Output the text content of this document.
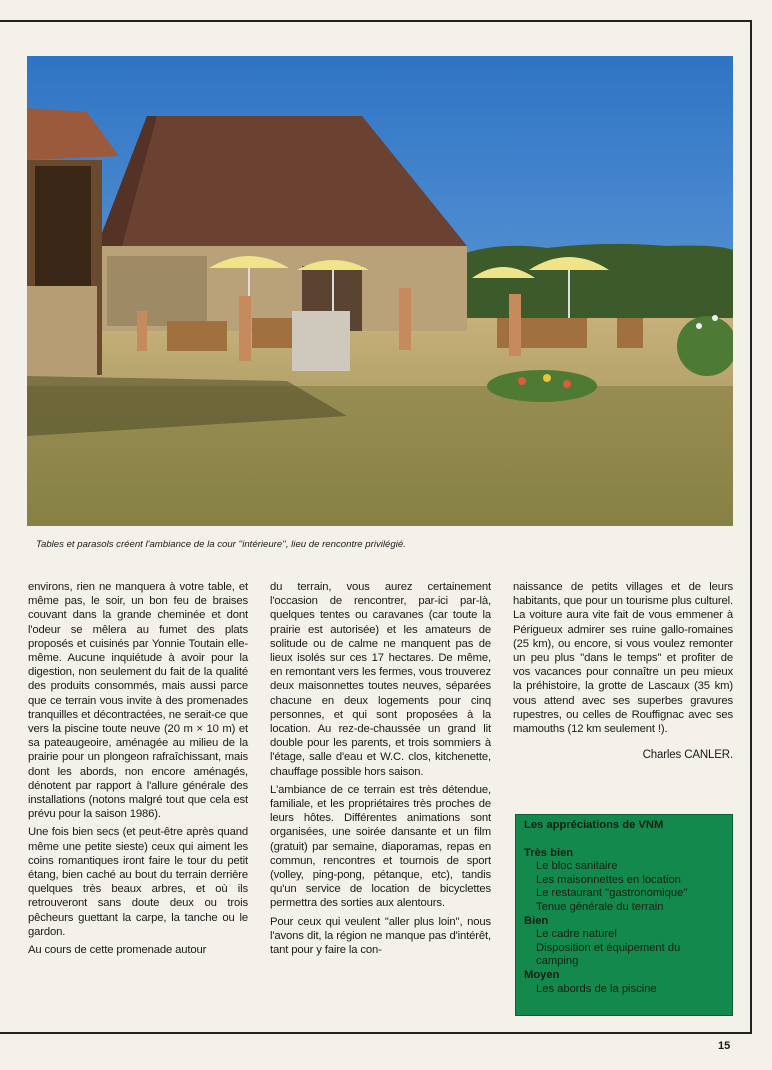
Tables et parasols créent l'ambiance de la cour ''intérieure'', lieu de rencontre privilégié.

environs, rien ne manquera à votre table, et même pas, le soir, un bon feu de braises couvant dans la grande cheminée et dont l'odeur se mêlera au fumet des plats proposés et cuisinés par Yonnie Toutain elle-même. Aucune inquiétude à avoir pour la digestion, non seulement du fait de la qualité des produits consommés, mais aussi parce que ce terrain vous invite à des promenades tranquilles et décontractées, ne serait-ce que vers la piscine toute neuve (20 m × 10 m) et sa pateaugeoire, aménagée au milieu de la prairie pour un plongeon rafraîchissant, mais dont les abords, non encore aménagés, dénotent par rapport à l'allure générale des installations (notons malgré tout que cela est prévu pour la saison 1986).

Une fois bien secs (et peut-être après quand même une petite sieste) ceux qui aiment les coins romantiques iront faire le tour du petit étang, bien caché au bout du terrain derrière quelques très beaux arbres, et où ils retrouveront sans doute deux ou trois pêcheurs guettant la carpe, la tanche ou le gardon.

Au cours de cette promenade autour

du terrain, vous aurez certainement l'occasion de rencontrer, par-ici par-là, quelques tentes ou caravanes (car toute la prairie est autorisée) et les amateurs de solitude ou de calme ne manquent pas de lieux isolés sur ces 17 hectares. De même, en remontant vers les fermes, vous trouverez deux maisonnettes toutes neuves, séparées chacune en deux logements pour cinq personnes, et qui sont proposées à la location. Au rez-de-chaussée un grand lit double pour les parents, et trois sommiers à l'étage, salle d'eau et W.C. clos, kitchenette, chauffage possible hors saison.

L'ambiance de ce terrain est très détendue, familiale, et les propriétaires très proches de leurs hôtes. Différentes animations sont organisées, une soirée dansante et un film (gratuit) par semaine, diaporamas, repas en commun, rencontres et tournois de sport (volley, ping-pong, pétanque, etc), tandis qu'un service de location de bicyclettes permettra des sorties aux alentours.

Pour ceux qui veulent ''aller plus loin'', nous l'avons dit, la région ne manque pas d'intérêt, tant pour y faire la con-

naissance de petits villages et de leurs habitants, que pour un tourisme plus culturel. La voiture aura vite fait de vous emmener à Périgueux admirer ses ruine gallo-romaines (25 km), ou encore, si vous voulez remonter un peu plus ''dans le temps'' et profiter de vos vacances pour connaître un peu mieux la préhistoire, la grotte de Lascaux (35 km) vous attend avec ses superbes gravures rupestres, ou celles de Rouffignac avec ses mamouths (12 km seulement !).

Charles CANLER.
Les appréciations de VNM
Très bien
Le bloc sanitaire
Les maisonnettes en location
Le restaurant ''gastronomique''
Tenue générale du terrain
Bien
Le cadre naturel
Disposition et équipement du camping
Moyen
Les abords de la piscine
15
